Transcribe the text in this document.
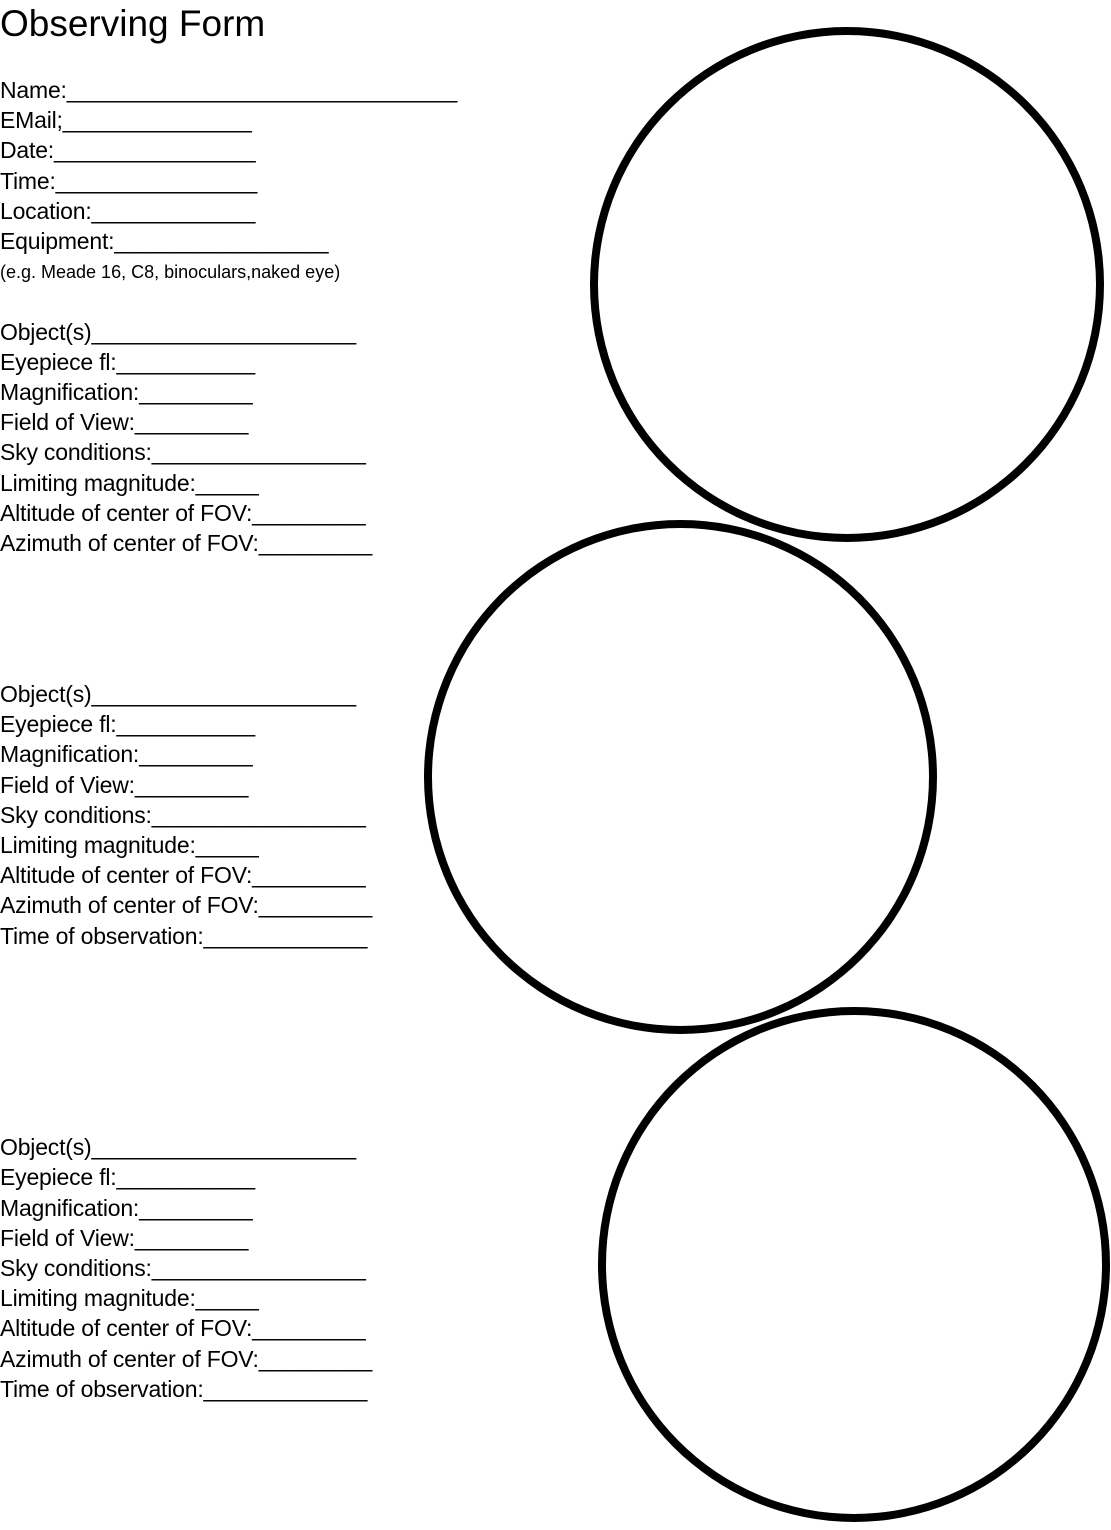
Observing Form
Name:_______________________________
EMail;_______________
Date:________________
Time:________________
Location:_____________
Equipment:_________________
(e.g. Meade 16, C8, binoculars,naked eye)
Object(s)_____________________
Eyepiece fl:___________
Magnification:_________
Field of View:_________
Sky conditions:_________________
Limiting magnitude:_____
Altitude of center of FOV:_________
Azimuth of center of FOV:_________
Object(s)_____________________
Eyepiece fl:___________
Magnification:_________
Field of View:_________
Sky conditions:_________________
Limiting magnitude:_____
Altitude of center of FOV:_________
Azimuth of center of FOV:_________
Time of observation:_____________
Object(s)_____________________
Eyepiece fl:___________
Magnification:_________
Field of View:_________
Sky conditions:_________________
Limiting magnitude:_____
Altitude of center of FOV:_________
Azimuth of center of FOV:_________
Time of observation:_____________
